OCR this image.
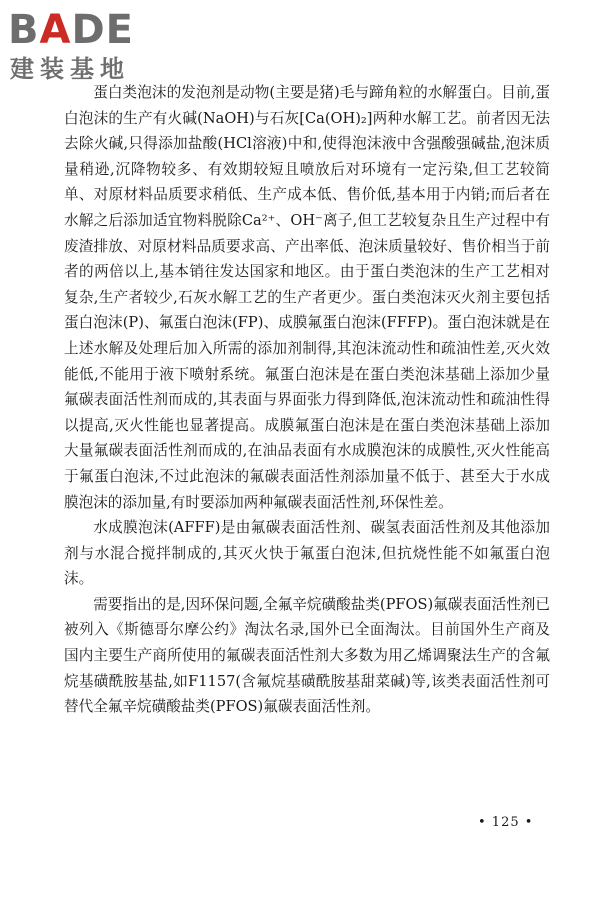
BADE
建装基地

蛋白类泡沫的发泡剂是动物(主要是猪)毛与蹄角粒的水解蛋白。目前,蛋白泡沫的生产有火碱(NaOH)与石灰[Ca(OH)₂]两种水解工艺。前者因无法去除火碱,只得添加盐酸(HCl溶液)中和,使得泡沫液中含强酸强碱盐,泡沫质量稍逊,沉降物较多、有效期较短且喷放后对环境有一定污染,但工艺较简单、对原材料品质要求稍低、生产成本低、售价低,基本用于内销;而后者在水解之后添加适宜物料脱除Ca²⁺、OH⁻离子,但工艺较复杂且生产过程中有废渣排放、对原材料品质要求高、产出率低、泡沫质量较好、售价相当于前者的两倍以上,基本销往发达国家和地区。由于蛋白类泡沫的生产工艺相对复杂,生产者较少,石灰水解工艺的生产者更少。蛋白类泡沫灭火剂主要包括蛋白泡沫(P)、氟蛋白泡沫(FP)、成膜氟蛋白泡沫(FFFP)。蛋白泡沫就是在上述水解及处理后加入所需的添加剂制得,其泡沫流动性和疏油性差,灭火效能低,不能用于液下喷射系统。氟蛋白泡沫是在蛋白类泡沫基础上添加少量氟碳表面活性剂而成的,其表面与界面张力得到降低,泡沫流动性和疏油性得以提高,灭火性能也显著提高。成膜氟蛋白泡沫是在蛋白类泡沫基础上添加大量氟碳表面活性剂而成的,在油品表面有水成膜泡沫的成膜性,灭火性能高于氟蛋白泡沫,不过此泡沫的氟碳表面活性剂添加量不低于、甚至大于水成膜泡沫的添加量,有时要添加两种氟碳表面活性剂,环保性差。

水成膜泡沫(AFFF)是由氟碳表面活性剂、碳氢表面活性剂及其他添加剂与水混合搅拌制成的,其灭火快于氟蛋白泡沫,但抗烧性能不如氟蛋白泡沫。

需要指出的是,因环保问题,全氟辛烷磺酸盐类(PFOS)氟碳表面活性剂已被列入《斯德哥尔摩公约》淘汰名录,国外已全面淘汰。目前国外生产商及国内主要生产商所使用的氟碳表面活性剂大多数为用乙烯调聚法生产的含氟烷基磺酰胺基盐,如F1157(含氟烷基磺酰胺基甜菜碱)等,该类表面活性剂可替代全氟辛烷磺酸盐类(PFOS)氟碳表面活性剂。

• 125 •
